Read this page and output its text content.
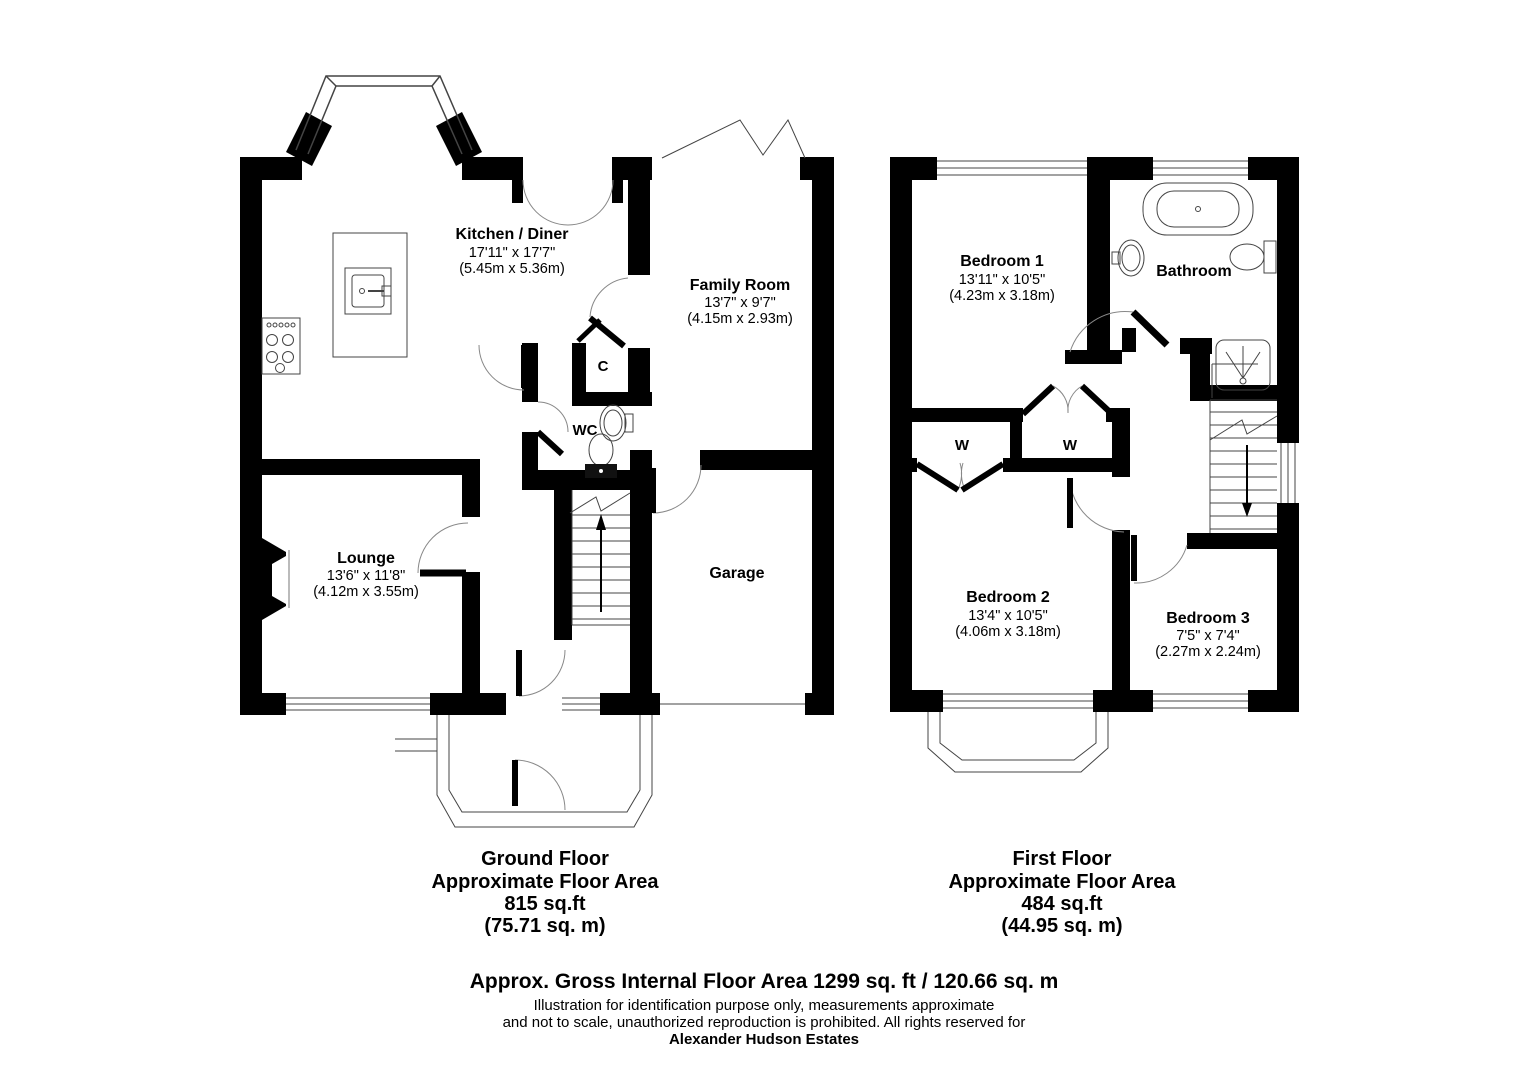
Kitchen / Diner
17'11" x 17'7"
(5.45m x 5.36m)
Family Room
13'7" x 9'7"
(4.15m x 2.93m)
Lounge
13'6" x 11'8"
(4.12m x 3.55m)
Garage
C
WC
Bedroom 1
13'11" x 10'5"
(4.23m x 3.18m)
Bathroom
W	W
Bedroom 2
13'4" x 10'5"
(4.06m x 3.18m)
Bedroom 3
7'5" x 7'4"
(2.27m x 2.24m)
Ground Floor
Approximate Floor Area
815 sq.ft
(75.71 sq. m)
First Floor
Approximate Floor Area
484 sq.ft
(44.95 sq. m)
Approx. Gross Internal Floor Area 1299 sq. ft / 120.66 sq. m
Illustration for identification purpose only, measurements approximate
and not to scale, unauthorized reproduction is prohibited. All rights reserved for
Alexander Hudson Estates
